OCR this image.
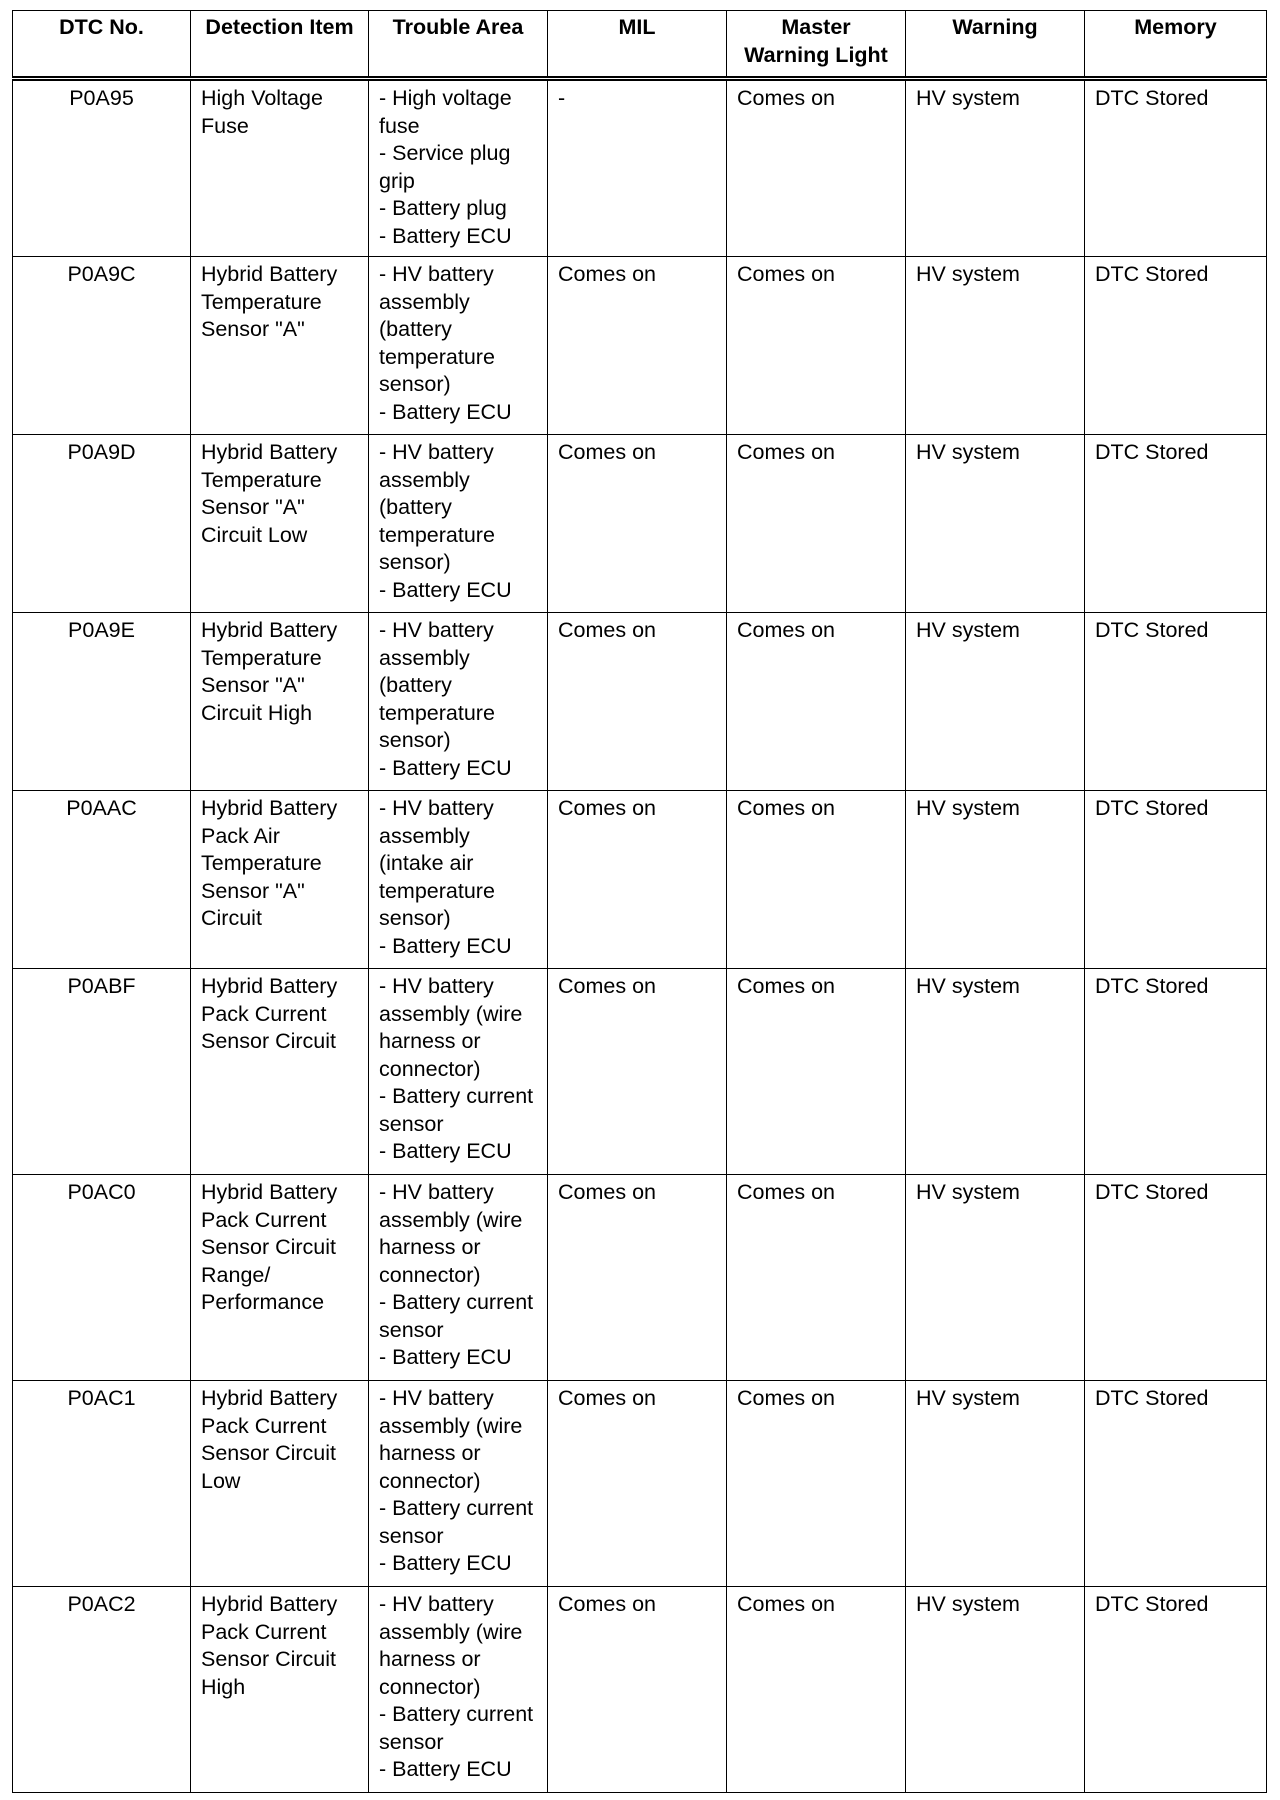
DTC No.	Detection Item	Trouble Area	MIL	Master Warning Light	Warning	Memory
P0A95	High Voltage Fuse	- High voltage fuse
- Service plug grip
- Battery plug
- Battery ECU	-	Comes on	HV system	DTC Stored
P0A9C	Hybrid Battery Temperature Sensor "A"	- HV battery assembly (battery temperature sensor)
- Battery ECU	Comes on	Comes on	HV system	DTC Stored
P0A9D	Hybrid Battery Temperature Sensor "A" Circuit Low	- HV battery assembly (battery temperature sensor)
- Battery ECU	Comes on	Comes on	HV system	DTC Stored
P0A9E	Hybrid Battery Temperature Sensor "A" Circuit High	- HV battery assembly (battery temperature sensor)
- Battery ECU	Comes on	Comes on	HV system	DTC Stored
P0AAC	Hybrid Battery Pack Air Temperature Sensor "A" Circuit	- HV battery assembly (intake air temperature sensor)
- Battery ECU	Comes on	Comes on	HV system	DTC Stored
P0ABF	Hybrid Battery Pack Current Sensor Circuit	- HV battery assembly (wire harness or connector)
- Battery current sensor
- Battery ECU	Comes on	Comes on	HV system	DTC Stored
P0AC0	Hybrid Battery Pack Current Sensor Circuit Range/ Performance	- HV battery assembly (wire harness or connector)
- Battery current sensor
- Battery ECU	Comes on	Comes on	HV system	DTC Stored
P0AC1	Hybrid Battery Pack Current Sensor Circuit Low	- HV battery assembly (wire harness or connector)
- Battery current sensor
- Battery ECU	Comes on	Comes on	HV system	DTC Stored
P0AC2	Hybrid Battery Pack Current Sensor Circuit High	- HV battery assembly (wire harness or connector)
- Battery current sensor
- Battery ECU	Comes on	Comes on	HV system	DTC Stored
